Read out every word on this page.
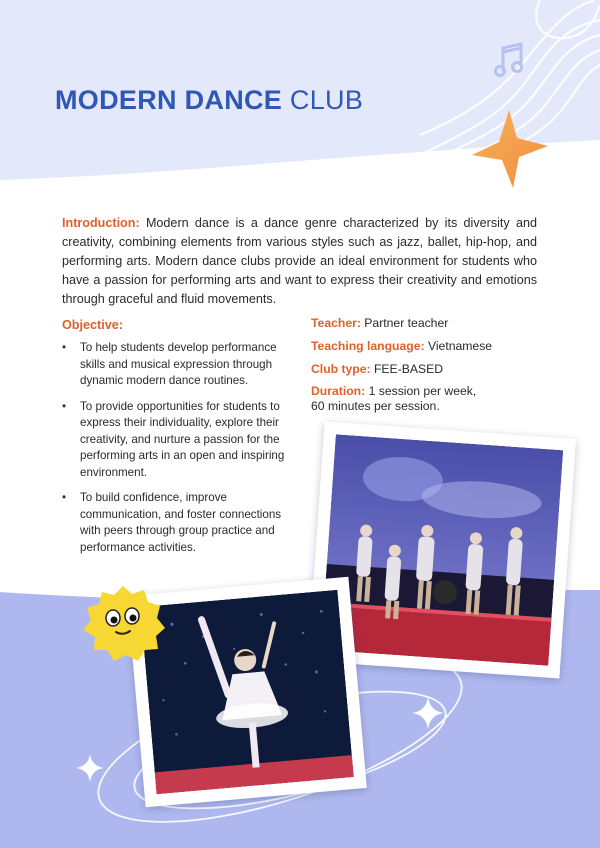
MODERN DANCE CLUB

Introduction: Modern dance is a dance genre characterized by its diversity and creativity, combining elements from various styles such as jazz, ballet, hip-hop, and performing arts. Modern dance clubs provide an ideal environment for students who have a passion for performing arts and want to express their creativity and emotions through graceful and fluid movements.

Objective:
• To help students develop performance skills and musical expression through dynamic modern dance routines.
• To provide opportunities for students to express their individuality, explore their creativity, and nurture a passion for the performing arts in an open and inspiring environment.
• To build confidence, improve communication, and foster connections with peers through group practice and performance activities.
Teacher: Partner teacher
Teaching language: Vietnamese
Club type: FEE-BASED
Duration: 1 session per week,
60 minutes per session.
